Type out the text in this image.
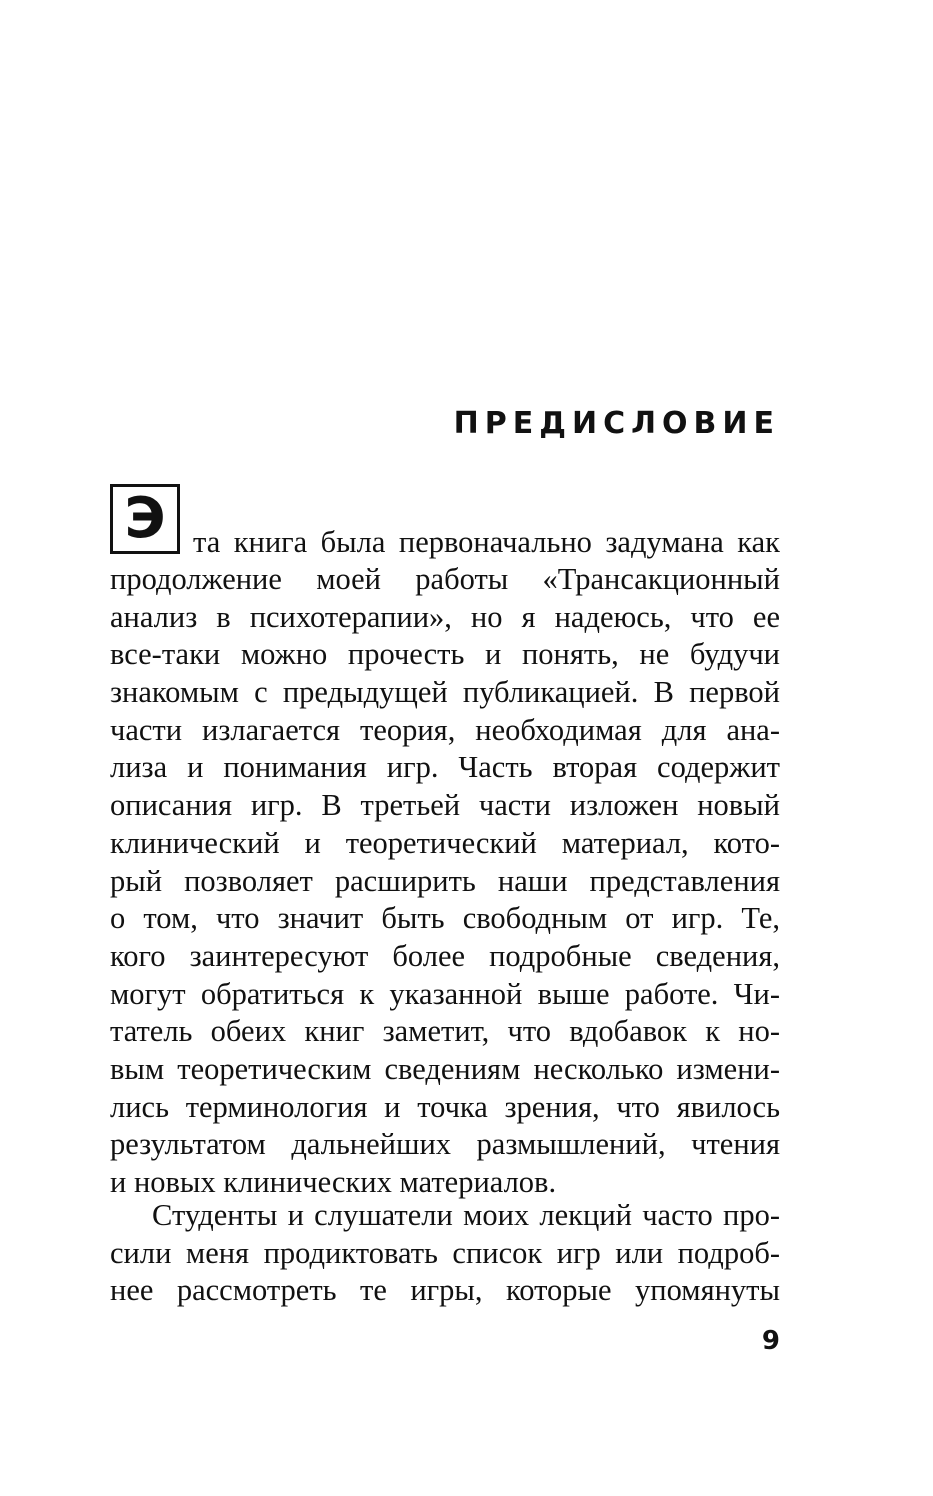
ПРЕДИСЛОВИЕ
Э та книга была первоначально задумана как
продолжение моей работы «Трансакционный
анализ в психотерапии», но я надеюсь, что ее
все-таки можно прочесть и понять, не будучи
знакомым с предыдущей публикацией. В первой
части излагается теория, необходимая для ана-
лиза и понимания игр. Часть вторая содержит
описания игр. В третьей части изложен новый
клинический и теоретический материал, кото-
рый позволяет расширить наши представления
о том, что значит быть свободным от игр. Те,
кого заинтересуют более подробные сведения,
могут обратиться к указанной выше работе. Чи-
татель обеих книг заметит, что вдобавок к но-
вым теоретическим сведениям несколько измени-
лись терминология и точка зрения, что явилось
результатом дальнейших размышлений, чтения
и новых клинических материалов.
Студенты и слушатели моих лекций часто про-
сили меня продиктовать список игр или подроб-
нее рассмотреть те игры, которые упомянуты
9
